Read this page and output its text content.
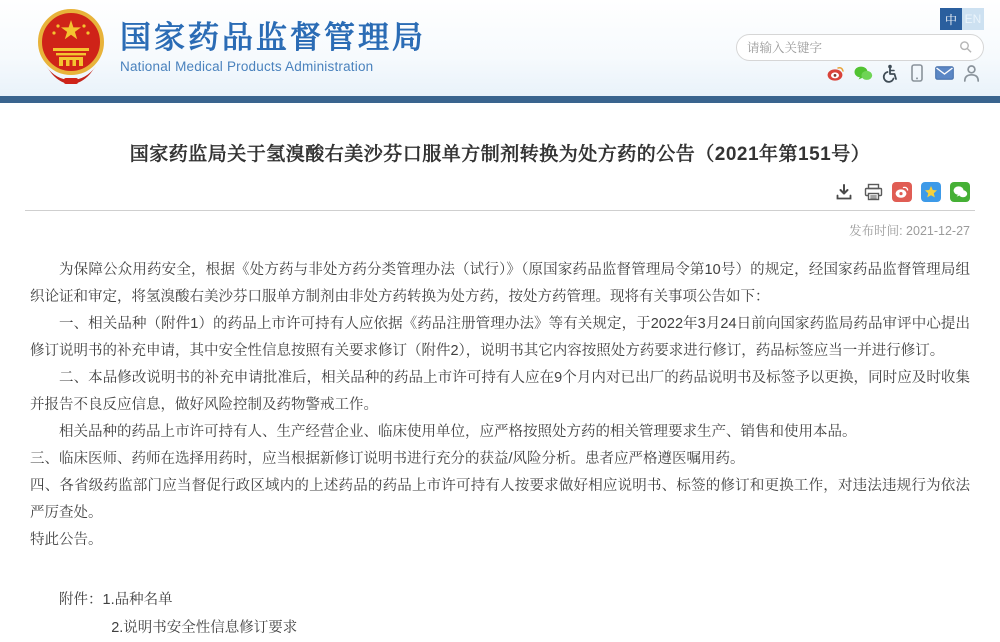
国家药品监督管理局
National Medical Products Administration
中 EN
请输入关键字
⚲
国家药监局关于氢溴酸右美沙芬口服单方制剂转换为处方药的公告（2021年第151号）
发布时间: 2021-12-27

为保障公众用药安全，根据《处方药与非处方药分类管理办法（试行）》（原国家药品监督管理局令第10号）的规定，经国家药品监督管理局组织论证和审定，将氢溴酸右美沙芬口服单方制剂由非处方药转换为处方药，按处方药管理。现将有关事项公告如下：

一、相关品种（附件1）的药品上市许可持有人应依据《药品注册管理办法》等有关规定，于2022年3月24日前向国家药监局药品审评中心提出修订说明书的补充申请，其中安全性信息按照有关要求修订（附件2），说明书其它内容按照处方药要求进行修订，药品标签应当一并进行修订。

二、本品修改说明书的补充申请批准后，相关品种的药品上市许可持有人应在9个月内对已出厂的药品说明书及标签予以更换，同时应及时收集并报告不良反应信息，做好风险控制及药物警戒工作。

相关品种的药品上市许可持有人、生产经营企业、临床使用单位，应严格按照处方药的相关管理要求生产、销售和使用本品。

三、临床医师、药师在选择用药时，应当根据新修订说明书进行充分的获益/风险分析。患者应严格遵医嘱用药。

四、各省级药监部门应当督促行政区域内的上述药品的药品上市许可持有人按要求做好相应说明书、标签的修订和更换工作，对违法违规行为依法严厉查处。

特此公告。

附件： 1.品种名单
2.说明书安全性信息修订要求
